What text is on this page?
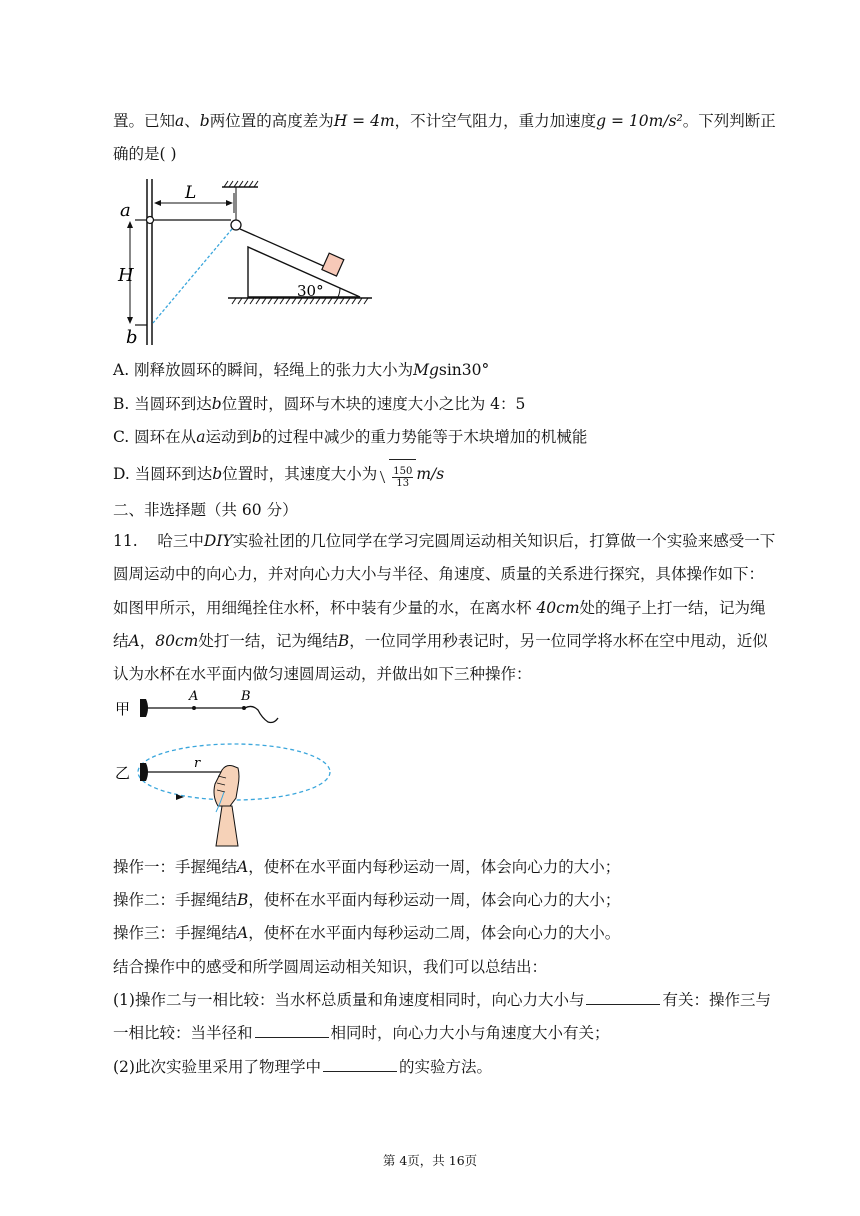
置。已知a、b两位置的高度差为H = 4m，不计空气阻力，重力加速度g = 10m/s²。下列判断正
确的是( )
H
a
b
L
30°
A. 刚释放圆环的瞬间，轻绳上的张力大小为Mgsin30°
B. 当圆环到达b位置时，圆环与木块的速度大小之比为 4：5
C. 圆环在从a运动到b的过程中减少的重力势能等于木块增加的机械能
D. 当圆环到达b位置时，其速度大小为 $\frac{150}{13} m/s$
二、非选择题（共 60 分）
11. 哈三中DIY实验社团的几位同学在学习完圆周运动相关知识后，打算做一个实验来感受一下
圆周运动中的向心力，并对向心力大小与半径、角速度、质量的关系进行探究，具体操作如下：
如图甲所示，用细绳拴住水杯，杯中装有少量的水，在离水杯 40cm处的绳子上打一结，记为绳
结A，80cm处打一结，记为绳结B，一位同学用秒表记时，另一位同学将水杯在空中甩动，近似
认为水杯在水平面内做匀速圆周运动，并做出如下三种操作：
甲
A	B
乙
r
操作一：手握绳结A，使杯在水平面内每秒运动一周，体会向心力的大小；
操作二：手握绳结B，使杯在水平面内每秒运动一周，体会向心力的大小；
操作三：手握绳结A，使杯在水平面内每秒运动二周，体会向心力的大小。
结合操作中的感受和所学圆周运动相关知识，我们可以总结出：
(1)操作二与一相比较：当水杯总质量和角速度相同时，向心力大小与	有关：操作三与
一相比较：当半径和	相同时，向心力大小与角速度大小有关；
(2)此次实验里采用了物理学中	的实验方法。
第 4页，共 16页
